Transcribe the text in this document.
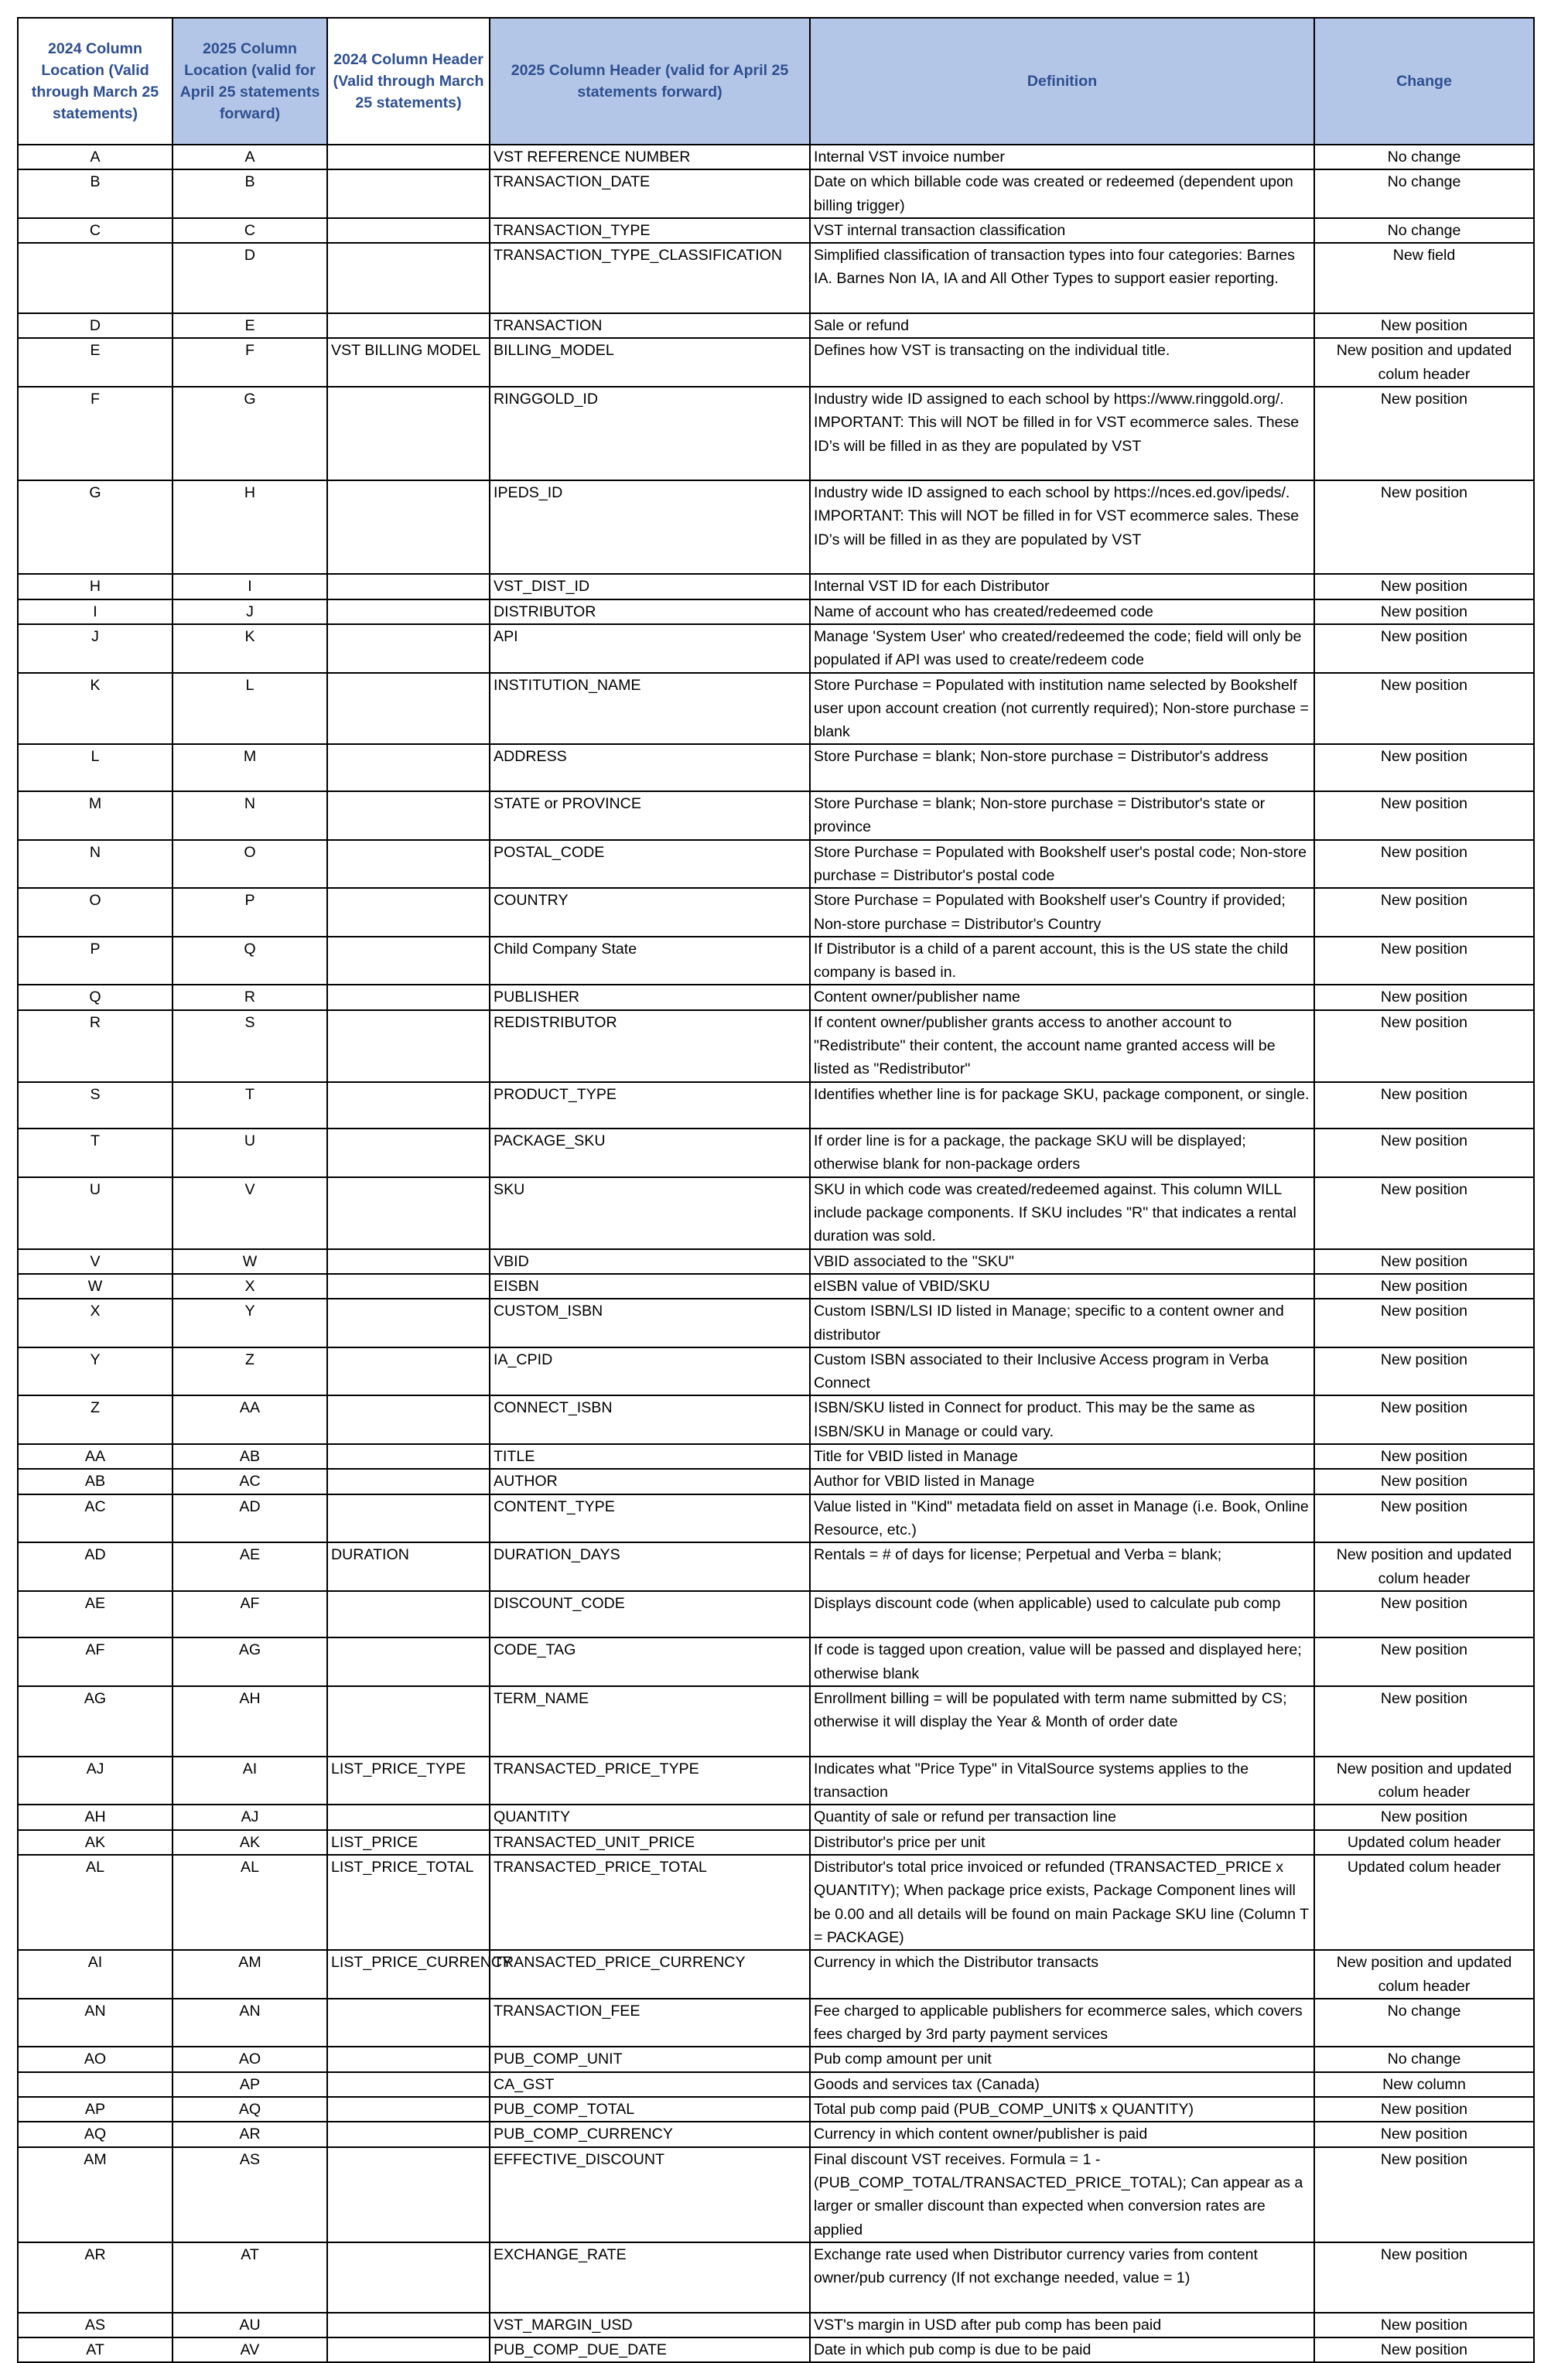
2024 Column Location (Valid through March 25 statements)	2025 Column Location (valid for April 25 statements forward)	2024 Column Header (Valid through March 25 statements)	2025 Column Header (valid for April 25 statements forward)	Definition	Change
A	A		VST REFERENCE NUMBER	Internal VST invoice number	No change
B	B		TRANSACTION_DATE	Date on which billable code was created or redeemed (dependent upon billing trigger)	No change
C	C		TRANSACTION_TYPE	VST internal transaction classification	No change
	D		TRANSACTION_TYPE_CLASSIFICATION	Simplified classification of transaction types into four categories: Barnes IA. Barnes Non IA, IA and All Other Types to support easier reporting.	New field
D	E		TRANSACTION	Sale or refund	New position
E	F	VST BILLING MODEL	BILLING_MODEL	Defines how VST is transacting on the individual title.	New position and updated colum header
F	G		RINGGOLD_ID	Industry wide ID assigned to each school by https://www.ringgold.org/. IMPORTANT: This will NOT be filled in for VST ecommerce sales. These ID’s will be filled in as they are populated by VST	New position
G	H		IPEDS_ID	Industry wide ID assigned to each school by https://nces.ed.gov/ipeds/. IMPORTANT: This will NOT be filled in for VST ecommerce sales. These ID’s will be filled in as they are populated by VST	New position
H	I		VST_DIST_ID	Internal VST ID for each Distributor	New position
I	J		DISTRIBUTOR	Name of account who has created/redeemed code	New position
J	K		API	Manage 'System User' who created/redeemed the code; field will only be populated if API was used to create/redeem code	New position
K	L		INSTITUTION_NAME	Store Purchase = Populated with institution name selected by Bookshelf user upon account creation (not currently required); Non-store purchase = blank	New position
L	M		ADDRESS	Store Purchase = blank; Non-store purchase = Distributor's address	New position
M	N		STATE or PROVINCE	Store Purchase = blank; Non-store purchase = Distributor's state or province	New position
N	O		POSTAL_CODE	Store Purchase = Populated with Bookshelf user's postal code; Non-store purchase = Distributor's postal code	New position
O	P		COUNTRY	Store Purchase = Populated with Bookshelf user's Country if provided; Non-store purchase = Distributor's Country	New position
P	Q		Child Company State	If Distributor is a child of a parent account, this is the US state the child company is based in.	New position
Q	R		PUBLISHER	Content owner/publisher name	New position
R	S		REDISTRIBUTOR	If content owner/publisher grants access to another account to "Redistribute" their content, the account name granted access will be listed as "Redistributor"	New position
S	T		PRODUCT_TYPE	Identifies whether line is for package SKU, package component, or single.	New position
T	U		PACKAGE_SKU	If order line is for a package, the package SKU will be displayed; otherwise blank for non-package orders	New position
U	V		SKU	SKU in which code was created/redeemed against. This column WILL include package components. If SKU includes "R" that indicates a rental duration was sold.	New position
V	W		VBID	VBID associated to the "SKU"	New position
W	X		EISBN	eISBN value of VBID/SKU	New position
X	Y		CUSTOM_ISBN	Custom ISBN/LSI ID listed in Manage; specific to a content owner and distributor	New position
Y	Z		IA_CPID	Custom ISBN associated to their Inclusive Access program in Verba Connect	New position
Z	AA		CONNECT_ISBN	ISBN/SKU listed in Connect for product. This may be the same as ISBN/SKU in Manage or could vary.	New position
AA	AB		TITLE	Title for VBID listed in Manage	New position
AB	AC		AUTHOR	Author for VBID listed in Manage	New position
AC	AD		CONTENT_TYPE	Value listed in "Kind" metadata field on asset in Manage (i.e. Book, Online Resource, etc.)	New position
AD	AE	DURATION	DURATION_DAYS	Rentals = # of days for license; Perpetual and Verba = blank;	New position and updated colum header
AE	AF		DISCOUNT_CODE	Displays discount code (when applicable) used to calculate pub comp	New position
AF	AG		CODE_TAG	If code is tagged upon creation, value will be passed and displayed here; otherwise blank	New position
AG	AH		TERM_NAME	Enrollment billing = will be populated with term name submitted by CS; otherwise it will display the Year & Month of order date	New position
AJ	AI	LIST_PRICE_TYPE	TRANSACTED_PRICE_TYPE	Indicates what "Price Type" in VitalSource systems applies to the transaction	New position and updated colum header
AH	AJ		QUANTITY	Quantity of sale or refund per transaction line	New position
AK	AK	LIST_PRICE	TRANSACTED_UNIT_PRICE	Distributor's price per unit	Updated colum header
AL	AL	LIST_PRICE_TOTAL	TRANSACTED_PRICE_TOTAL	Distributor's total price invoiced or refunded (TRANSACTED_PRICE x QUANTITY); When package price exists, Package Component lines will be 0.00 and all details will be found on main Package SKU line (Column T = PACKAGE)	Updated colum header
AI	AM	LIST_PRICE_CURRENCY	TRANSACTED_PRICE_CURRENCY	Currency in which the Distributor transacts	New position and updated colum header
AN	AN		TRANSACTION_FEE	Fee charged to applicable publishers for ecommerce sales, which covers fees charged by 3rd party payment services	No change
AO	AO		PUB_COMP_UNIT	Pub comp amount per unit	No change
	AP		CA_GST	Goods and services tax (Canada)	New column
AP	AQ		PUB_COMP_TOTAL	Total pub comp paid (PUB_COMP_UNIT$ x QUANTITY)	New position
AQ	AR		PUB_COMP_CURRENCY	Currency in which content owner/publisher is paid	New position
AM	AS		EFFECTIVE_DISCOUNT	Final discount VST receives. Formula = 1 - (PUB_COMP_TOTAL/TRANSACTED_PRICE_TOTAL); Can appear as a larger or smaller discount than expected when conversion rates are applied	New position
AR	AT		EXCHANGE_RATE	Exchange rate used when Distributor currency varies from content owner/pub currency (If not exchange needed, value = 1)	New position
AS	AU		VST_MARGIN_USD	VST's margin in USD after pub comp has been paid	New position
AT	AV		PUB_COMP_DUE_DATE	Date in which pub comp is due to be paid	New position
